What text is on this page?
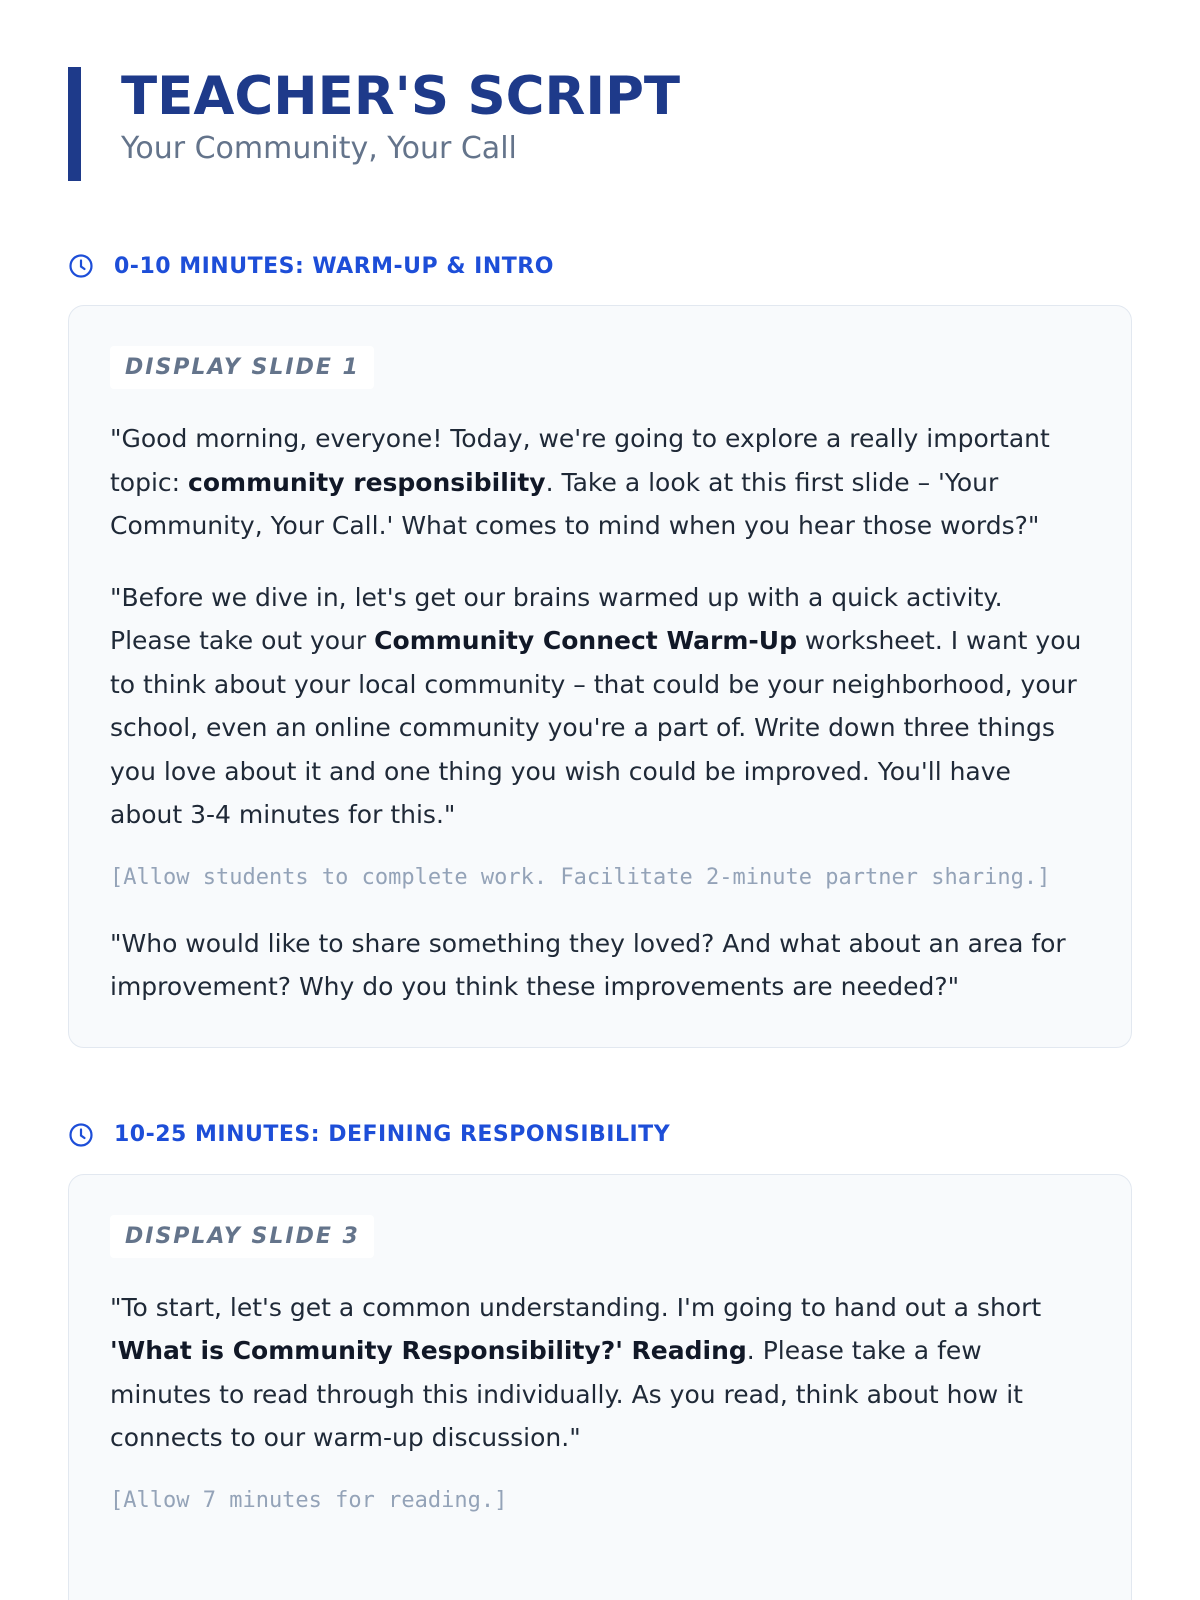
TEACHER'S SCRIPT
Your Community, Your Call
0-10 MINUTES: WARM-UP & INTRO
DISPLAY SLIDE 1

"Good morning, everyone! Today, we're going to explore a really important topic: community responsibility. Take a look at this first slide – 'Your Community, Your Call.' What comes to mind when you hear those words?"

"Before we dive in, let's get our brains warmed up with a quick activity. Please take out your Community Connect Warm-Up worksheet. I want you to think about your local community – that could be your neighborhood, your school, even an online community you're a part of. Write down three things you love about it and one thing you wish could be improved. You'll have about 3-4 minutes for this."

[Allow students to complete work. Facilitate 2-minute partner sharing.]

"Who would like to share something they loved? And what about an area for improvement? Why do you think these improvements are needed?"

10-25 MINUTES: DEFINING RESPONSIBILITY
DISPLAY SLIDE 3

"To start, let's get a common understanding. I'm going to hand out a short 'What is Community Responsibility?' Reading. Please take a few minutes to read through this individually. As you read, think about how it connects to our warm-up discussion."

[Allow 7 minutes for reading.]
